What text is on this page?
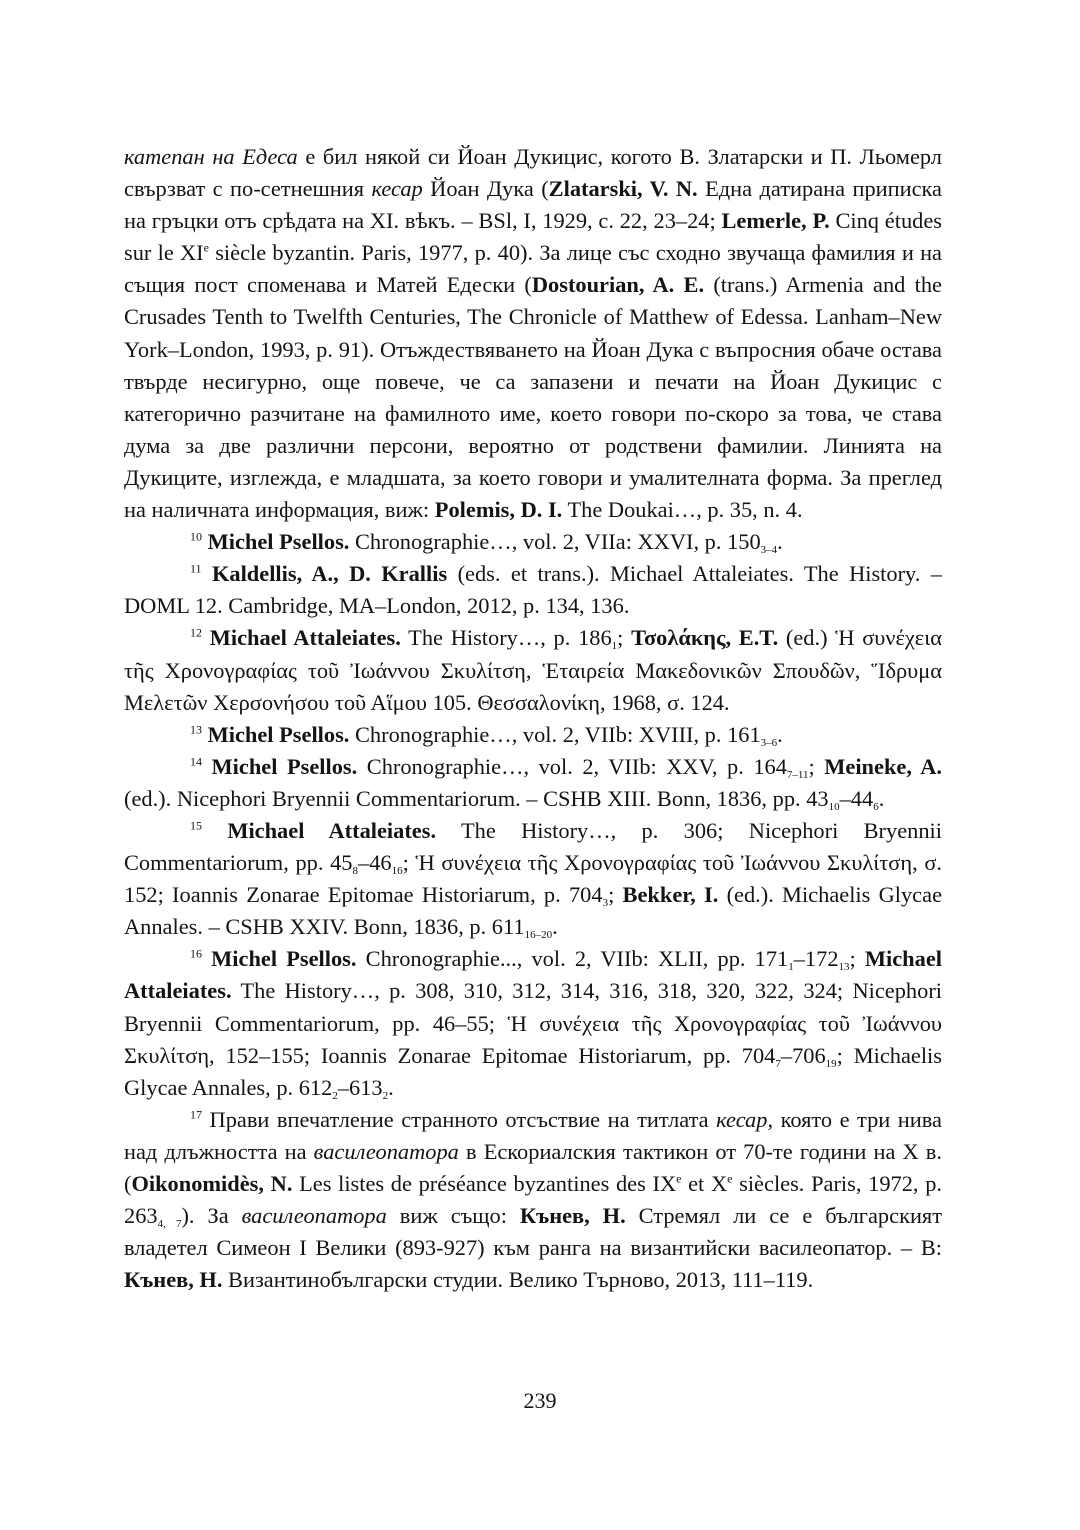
катепан на Едеса е бил някой си Йоан Дукицис, когото В. Златарски и П. Льомерл свързват с по-сетнешния кесар Йоан Дука (Zlatarski, V. N. Една датирана приписка на гръцки отъ срѣдата на XI. вѣкъ. – BSl, I, 1929, с. 22, 23–24; Lemerle, P. Cinq études sur le XIe siècle byzantin. Paris, 1977, p. 40). За лице със сходно звучаща фамилия и на същия пост споменава и Матей Едески (Dostourian, A. E. (trans.) Armenia and the Crusades Tenth to Twelfth Centuries, The Chronicle of Matthew of Edessa. Lanham–New York–London, 1993, p. 91). Отъждествяването на Йоан Дука с въпросния обаче остава твърде несигурно, още повече, че са запазени и печати на Йоан Дукицис с категорично разчитане на фамилното име, което говори по-скоро за това, че става дума за две различни персони, вероятно от родствени фамилии. Линията на Дукиците, изглежда, е младшата, за което говори и умалителната форма. За преглед на наличната информация, виж: Polemis, D. I. The Doukai…, p. 35, n. 4.

$^{10}$ Michel Psellos. Chronographie…, vol. 2, VIIa: XXVI, p. $150_{3-4}$.

$^{11}$ Kaldellis, A., D. Krallis (eds. et trans.). Michael Attaleiates. The History. – DOML 12. Cambridge, MA–London, 2012, p. 134, 136.

$^{12}$ Michael Attaleiates. The History…, p. $186_1$; Τσολάκης, Ε.Τ. (ed.) Ἡ συνέχεια τῆς Χρονογραφίας τοῦ Ἰωάννου Σκυλίτση, Ἑταιρεία Μακεδονικῶν Σπουδῶν, Ἵδρυμα Μελετῶν Χερσονήσου τοῦ Αἵμου 105. Θεσσαλονίκη, 1968, σ. 124.

$^{13}$ Michel Psellos. Chronographie…, vol. 2, VIIb: XVIII, p. $161_{3-6}$.

$^{14}$ Michel Psellos. Chronographie…, vol. 2, VIIb: XXV, p. $164_{7-11}$; Meineke, A. (ed.). Nicephori Bryennii Commentariorum. – CSHB XIII. Bonn, 1836, pp. $43_{10}-44_6$.

$^{15}$ Michael Attaleiates. The History…, p. 306; Nicephori Bryennii Commentariorum, pp. $45_8-46_{16}$; Ἡ συνέχεια τῆς Χρονογραφίας τοῦ Ἰωάννου Σκυλίτση, σ. 152; Ioannis Zonarae Epitomae Historiarum, p. $704_3$; Bekker, I. (ed.). Michaelis Glycae Annales. – CSHB XXIV. Bonn, 1836, p. $611_{16-20}$.

$^{16}$ Michel Psellos. Chronographie..., vol. 2, VIIb: XLII, pp. $171_1-172_{13}$; Michael Attaleiates. The History…, p. 308, 310, 312, 314, 316, 318, 320, 322, 324; Nicephori Bryennii Commentariorum, pp. 46–55; Ἡ συνέχεια τῆς Χρονογραφίας τοῦ Ἰωάννου Σκυλίτση, 152–155; Ioannis Zonarae Epitomae Historiarum, pp. $704_7-706_{19}$; Michaelis Glycae Annales, p. $612_2-613_2$.

$^{17}$ Прави впечатление странното отсъствие на титлата кесар, която е три нива над длъжността на василеопатора в Ескориалския тактикон от 70-те години на X в. (Oikonomidès, N. Les listes de préséance byzantines des IXe et Xe siècles. Paris, 1972, p. $263_{4, 7}$). За василеопатора виж също: Кънев, Н. Стремял ли се е българският владетел Симеон I Велики (893-927) към ранга на византийски василеопатор. – В: Кънев, Н. Византинобългарски студии. Велико Търново, 2013, 111–119.

239
